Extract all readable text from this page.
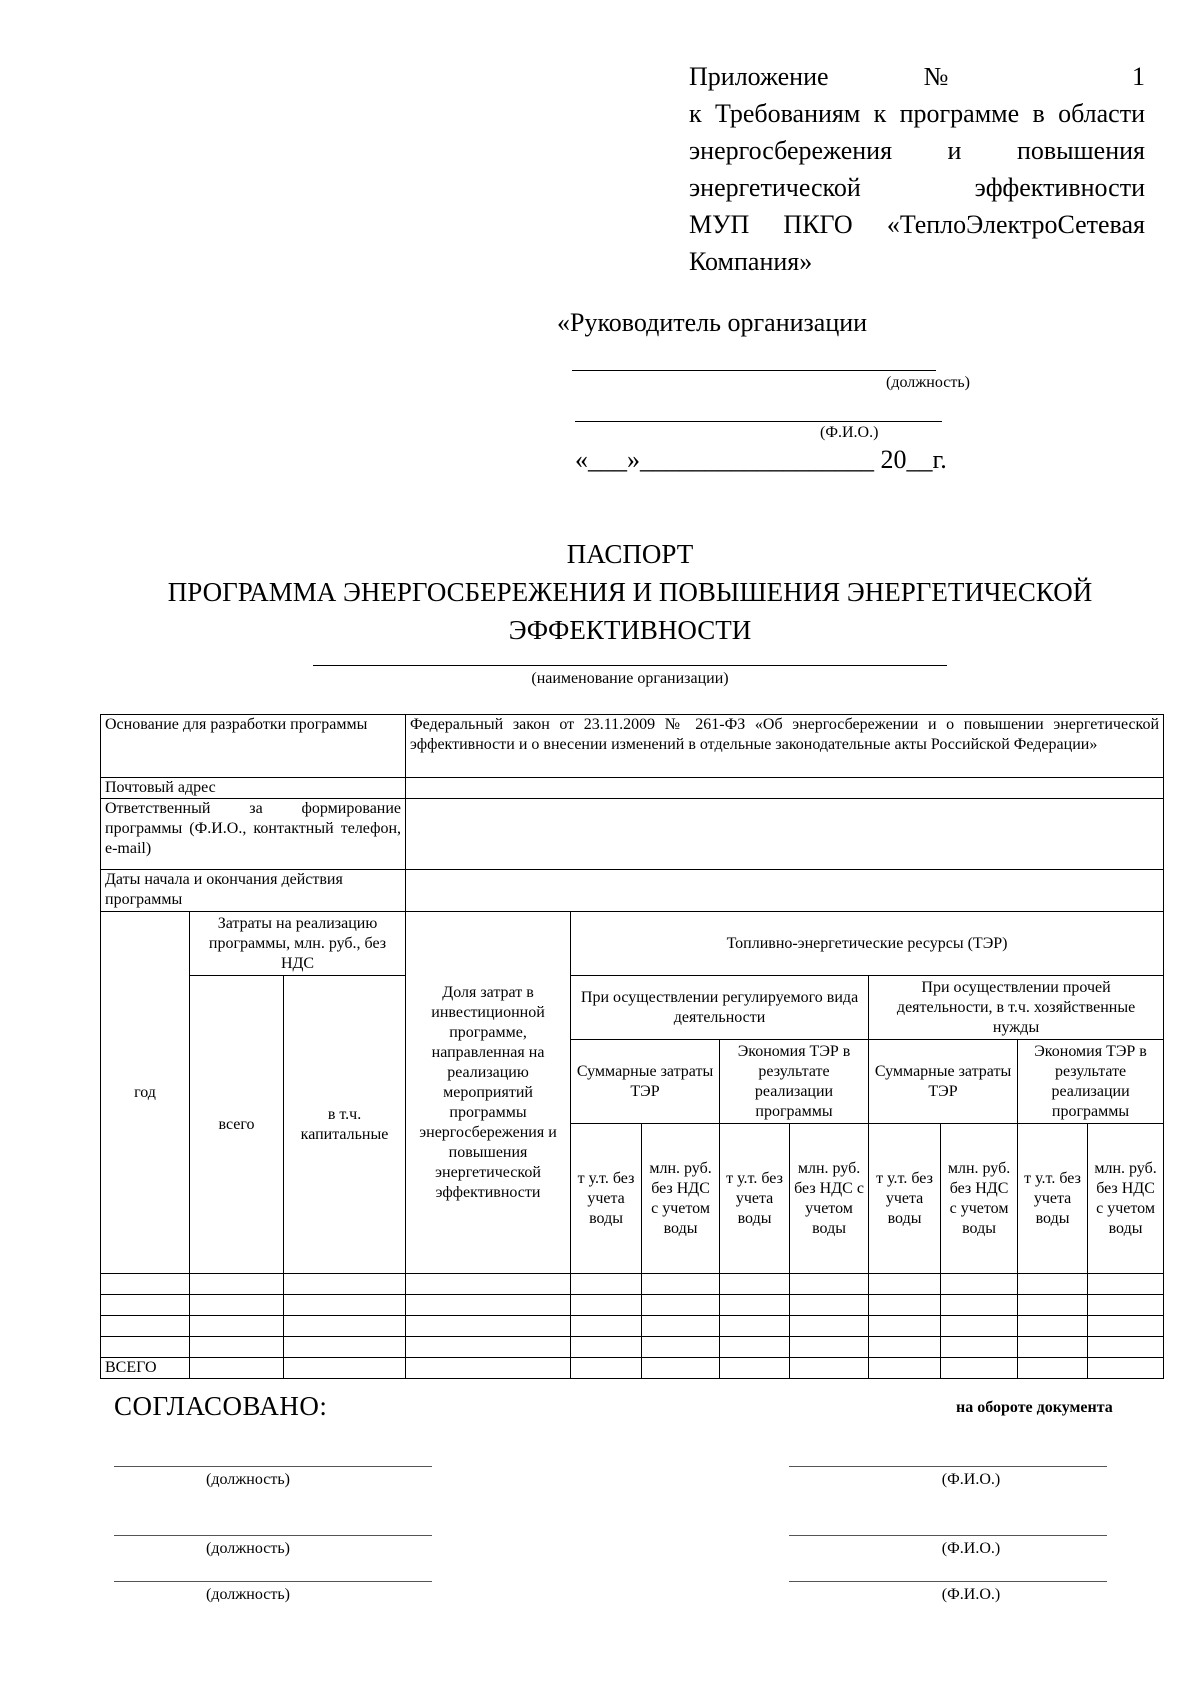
Приложение № 1
к Требованиям к программе в области
энергосбережения и повышения
энергетической эффективности
МУП ПКГО «ТеплоЭлектроСетевая
Компания»
«Руководитель организации
(должность)
(Ф.И.О.)
«___»__________________ 20__г.
ПАСПОРТ
ПРОГРАММА ЭНЕРГОСБЕРЕЖЕНИЯ И ПОВЫШЕНИЯ ЭНЕРГЕТИЧЕСКОЙ
ЭФФЕКТИВНОСТИ
(наименование организации)
Основание для разработки программы			Федеральный закон от 23.11.2009 № 261-ФЗ «Об энергосбережении и о повышении энергетической эффективности и о внесении изменений в отдельные законодательные акты Российской Федерации»								
Почтовый адрес											
Ответственный за формирование программы (Ф.И.О., контактный телефон, e-mail)											
Даты начала и окончания действия программы											
год	Затраты на реализацию программы, млн. руб., без НДС		Доля затрат в инвестиционной программе, направленная на реализацию мероприятий программы энергосбережения и повышения энергетической эффективности	Топливно-энергетические ресурсы (ТЭР)							
	всего	в т.ч. капитальные		При осуществлении регулируемого вида деятельности				При осуществлении прочей деятельности, в т.ч. хозяйственные нужды			
				Суммарные затраты ТЭР		Экономия ТЭР в результате реализации программы		Суммарные затраты ТЭР		Экономия ТЭР в результате реализации программы	
				т у.т. без учета воды	млн. руб. без НДС с учетом воды	т у.т. без учета воды	млн. руб. без НДС с учетом воды	т у.т. без учета воды	млн. руб. без НДС с учетом воды	т у.т. без учета воды	млн. руб. без НДС с учетом воды

ВСЕГО											
СОГЛАСОВАНО:	на обороте документа
(должность)	(Ф.И.О.)
(должность)	(Ф.И.О.)
(должность)	(Ф.И.О.)
